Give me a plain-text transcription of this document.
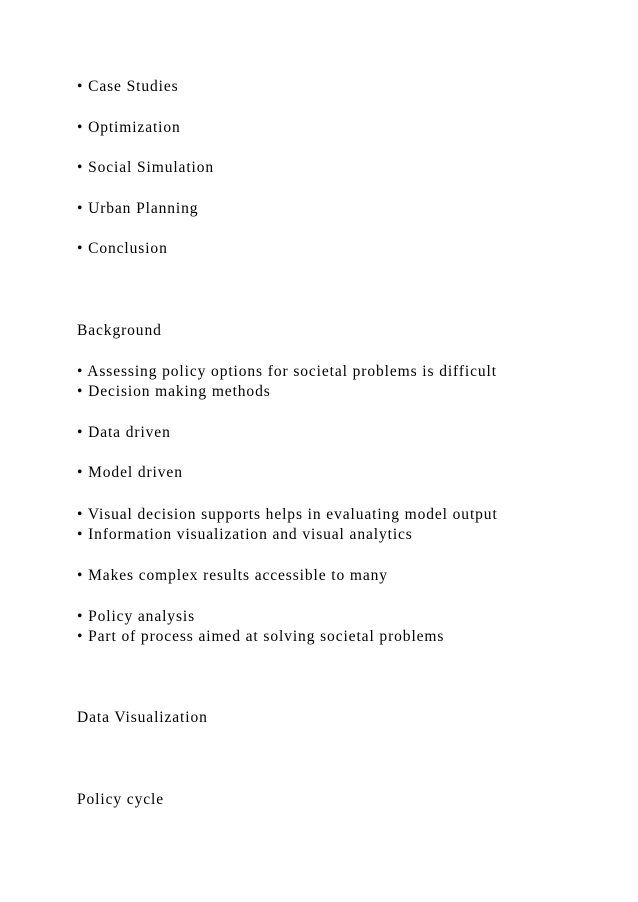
• Case Studies
• Optimization
• Social Simulation
• Urban Planning
• Conclusion
Background
• Assessing policy options for societal problems is difficult
• Decision making methods
• Data driven
• Model driven
• Visual decision supports helps in evaluating model output
• Information visualization and visual analytics
• Makes complex results accessible to many
• Policy analysis
• Part of process aimed at solving societal problems
Data Visualization
Policy cycle
